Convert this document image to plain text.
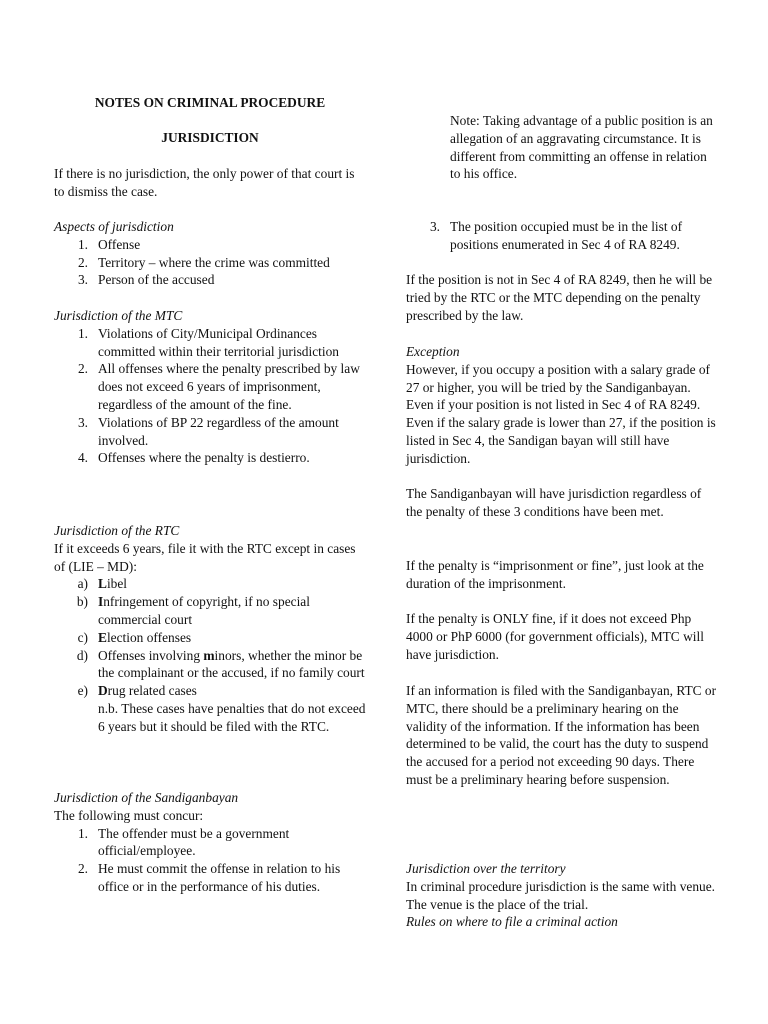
NOTES ON CRIMINAL PROCEDURE

JURISDICTION

If there is no jurisdiction, the only power of that court is to dismiss the case.

Aspects of jurisdiction

1. Offense
2. Territory – where the crime was committed
3. Person of the accused

Jurisdiction of the MTC

1. Violations of City/Municipal Ordinances committed within their territorial jurisdiction
2. All offenses where the penalty prescribed by law does not exceed 6 years of imprisonment, regardless of the amount of the fine.
3. Violations of BP 22 regardless of the amount involved.
4. Offenses where the penalty is destierro.

Jurisdiction of the RTC

If it exceeds 6 years, file it with the RTC except in cases of (LIE – MD):

a) Libel
b) Infringement of copyright, if no special commercial court
c) Election offenses
d) Offenses involving minors, whether the minor be the complainant or the accused, if no family court
e) Drug related cases

n.b. These cases have penalties that do not exceed 6 years but it should be filed with the RTC.

Jurisdiction of the Sandiganbayan

The following must concur:

1. The offender must be a government official/employee.
2. He must commit the offense in relation to his office or in the performance of his duties.

Note: Taking advantage of a public position is an allegation of an aggravating circumstance. It is different from committing an offense in relation to his office.

3. The position occupied must be in the list of positions enumerated in Sec 4 of RA 8249.

If the position is not in Sec 4 of RA 8249, then he will be tried by the RTC or the MTC depending on the penalty prescribed by the law.

Exception

However, if you occupy a position with a salary grade of 27 or higher, you will be tried by the Sandiganbayan. Even if your position is not listed in Sec 4 of RA 8249. Even if the salary grade is lower than 27, if the position is listed in Sec 4, the Sandigan bayan will still have jurisdiction.

The Sandiganbayan will have jurisdiction regardless of the penalty of these 3 conditions have been met.

If the penalty is “imprisonment or fine”, just look at the duration of the imprisonment.

If the penalty is ONLY fine, if it does not exceed Php 4000 or PhP 6000 (for government officials), MTC will have jurisdiction.

If an information is filed with the Sandiganbayan, RTC or MTC, there should be a preliminary hearing on the validity of the information. If the information has been determined to be valid, the court has the duty to suspend the accused for a period not exceeding 90 days. There must be a preliminary hearing before suspension.

Jurisdiction over the territory

In criminal procedure jurisdiction is the same with venue. The venue is the place of the trial.

Rules on where to file a criminal action
